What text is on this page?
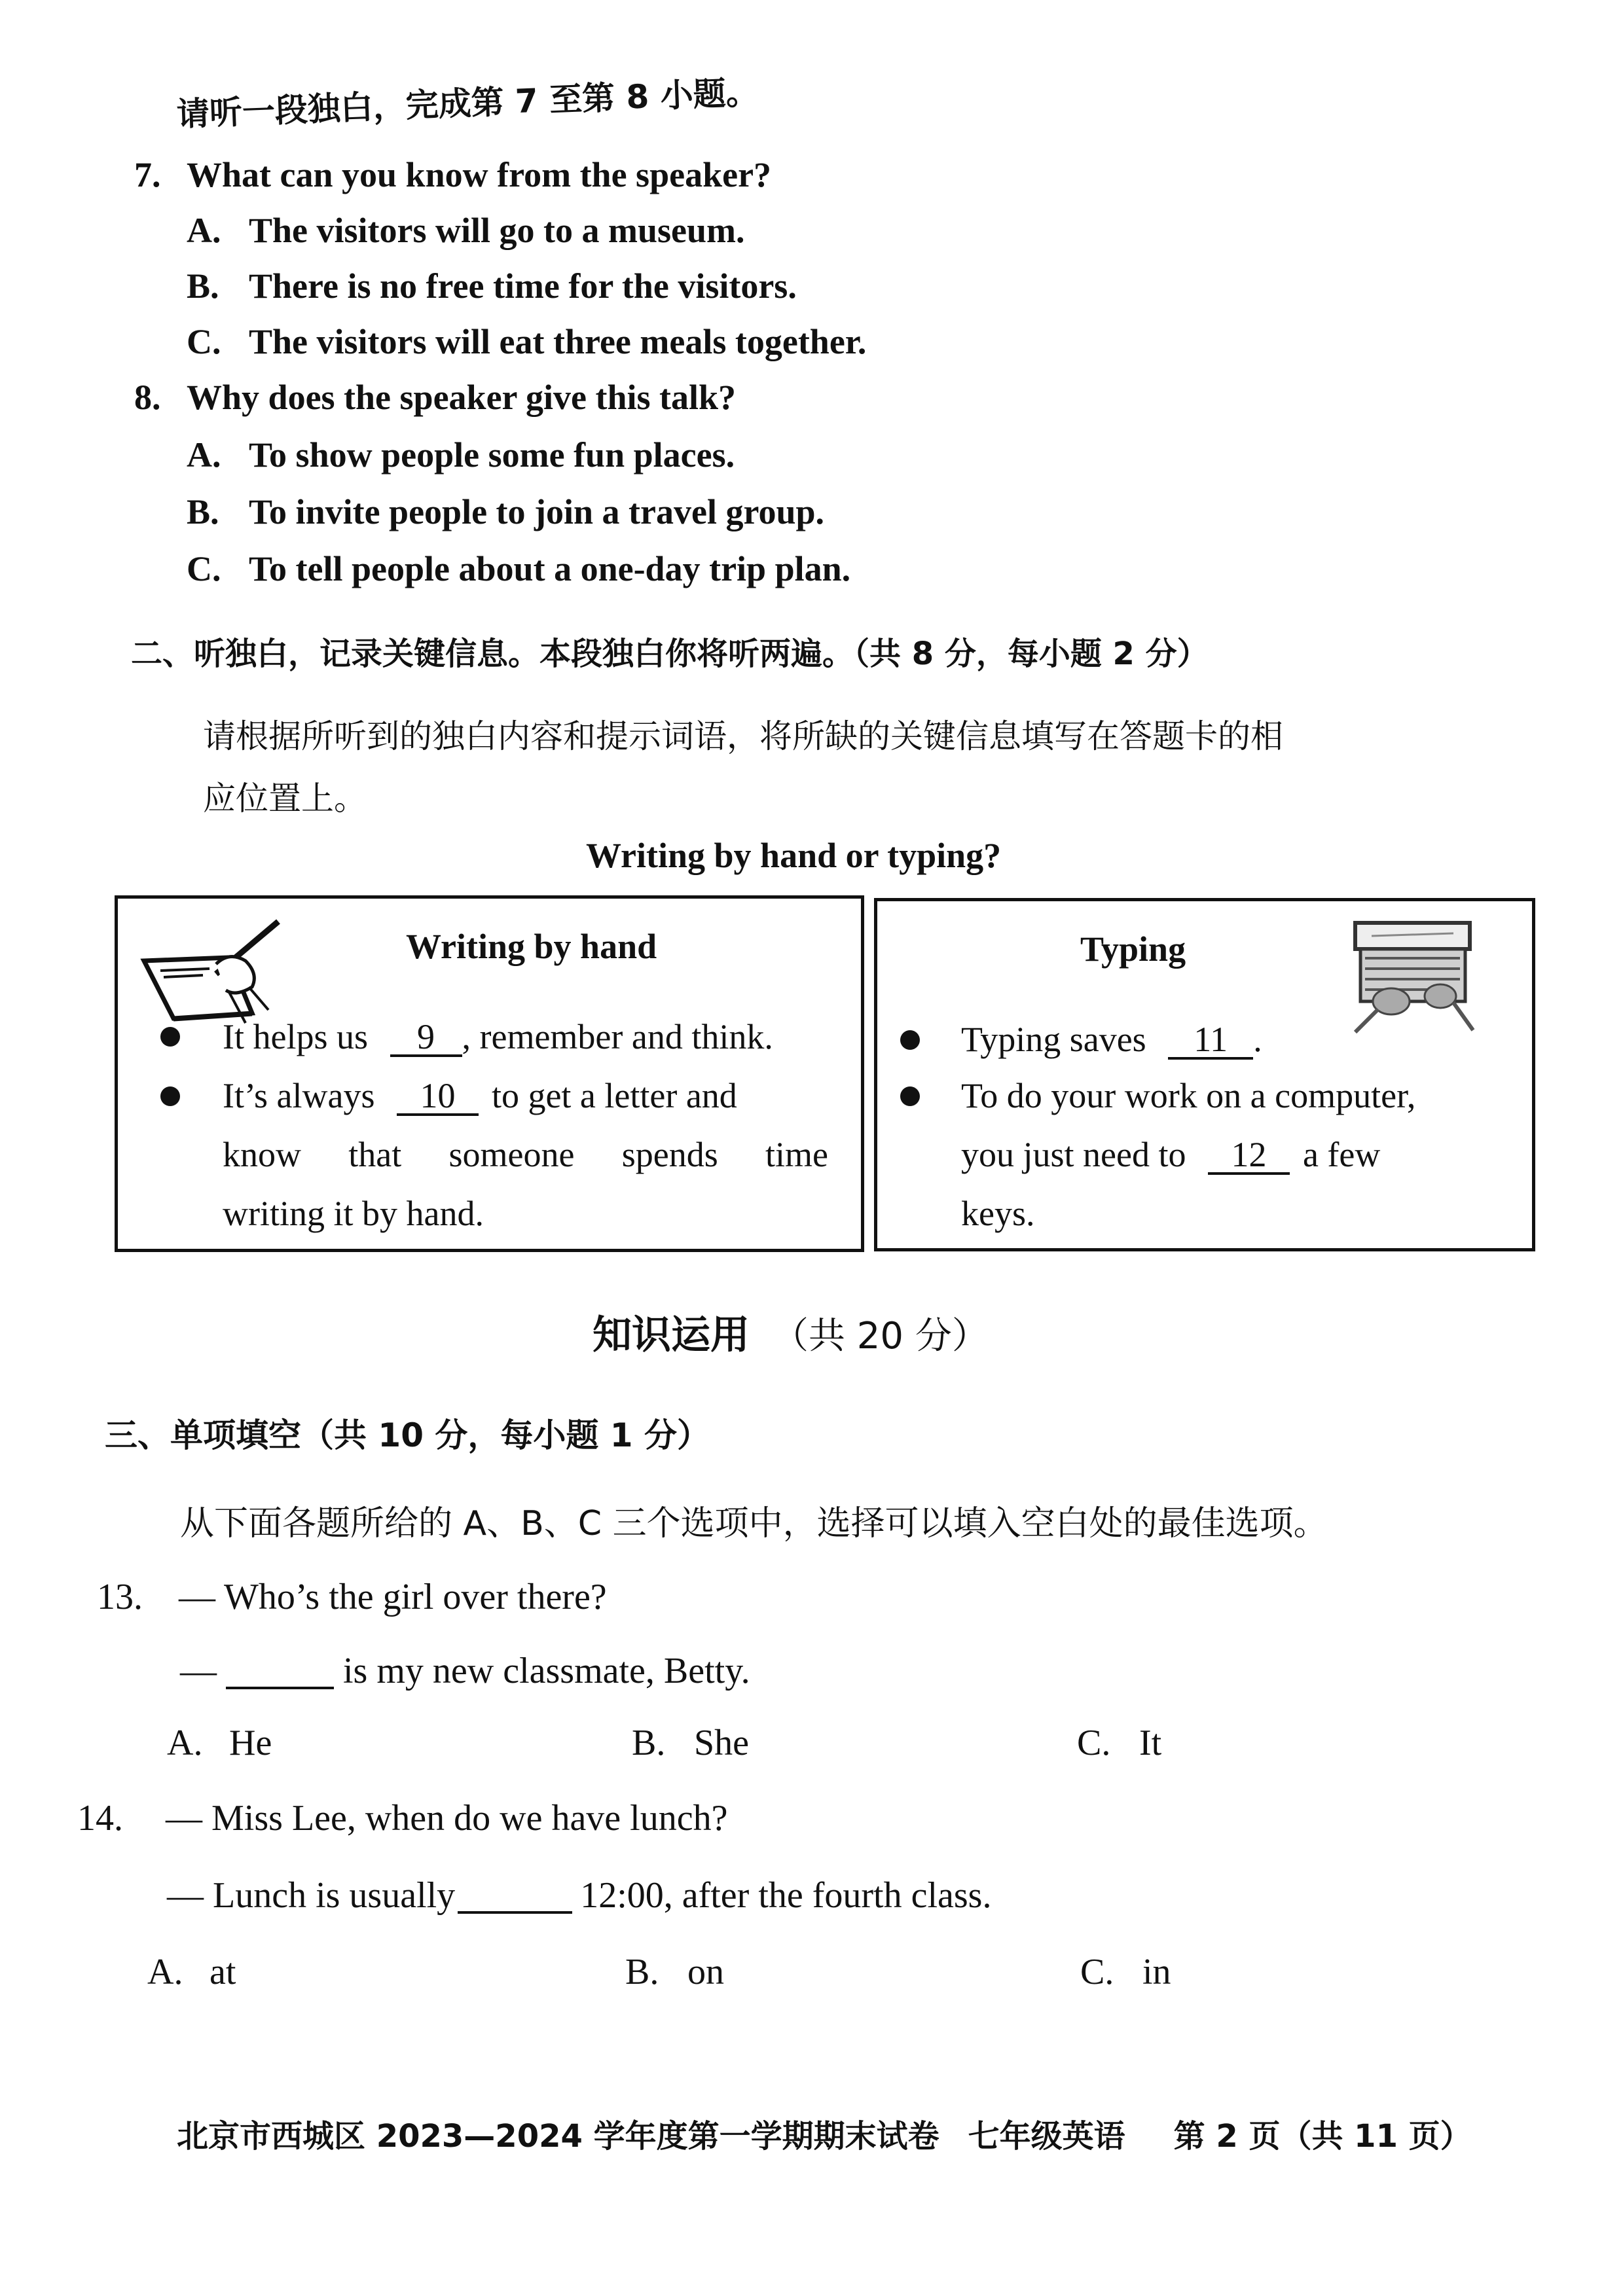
请听一段独白，完成第 7 至第 8 小题。
7. What can you know from the speaker?
A. The visitors will go to a museum.
B. There is no free time for the visitors.
C. The visitors will eat three meals together.
8. Why does the speaker give this talk?
A. To show people some fun places.
B. To invite people to join a travel group.
C. To tell people about a one-day trip plan.
二、听独白，记录关键信息。本段独白你将听两遍。（共 8 分，每小题 2 分）
请根据所听到的独白内容和提示词语，将所缺的关键信息填写在答题卡的相
应位置上。
Writing by hand or typing?
Writing by hand
It helps us 9 , remember and think.
It’s always 10 to get a letter and
know  that  someone  spends  time
writing it by hand.
Typing
Typing saves 11 .
To do your work on a computer,
you just need to 12 a few
keys.
知识运用 （共 20 分）
三、单项填空（共 10 分，每小题 1 分）
从下面各题所给的 A、B、C 三个选项中，选择可以填入空白处的最佳选项。
13. — Who’s the girl over there?
—	is my new classmate, Betty.
A. He	B. She	C. It
14. — Miss Lee, when do we have lunch?
— Lunch is usually	12:00, after the fourth class.
A. at	B. on	C. in
北京市西城区 2023—2024 学年度第一学期期末试卷 七年级英语 第 2 页（共 11 页）
